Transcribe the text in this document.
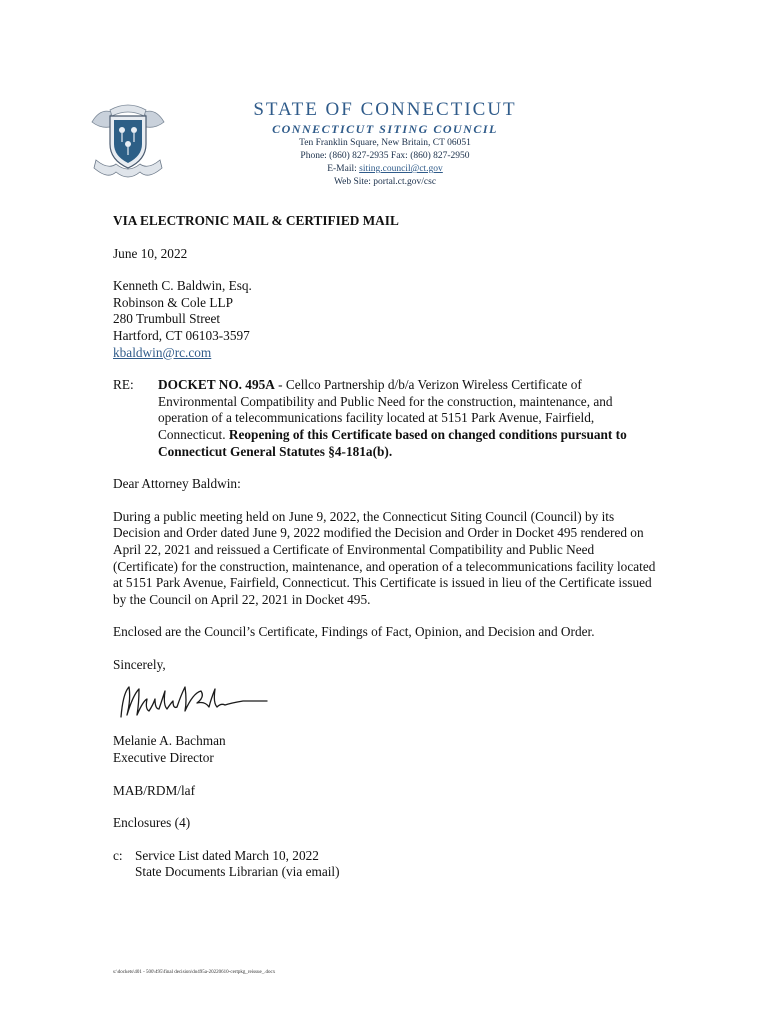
STATE OF CONNECTICUT
CONNECTICUT SITING COUNCIL
Ten Franklin Square, New Britain, CT 06051
Phone: (860) 827-2935 Fax: (860) 827-2950
E-Mail: siting.council@ct.gov
Web Site: portal.ct.gov/csc

VIA ELECTRONIC MAIL & CERTIFIED MAIL

June 10, 2022

Kenneth C. Baldwin, Esq.
Robinson & Cole LLP
280 Trumbull Street
Hartford, CT 06103-3597
kbaldwin@rc.com
RE:	DOCKET NO. 495A - Cellco Partnership d/b/a Verizon Wireless Certificate of Environmental Compatibility and Public Need for the construction, maintenance, and operation of a telecommunications facility located at 5151 Park Avenue, Fairfield, Connecticut. Reopening of this Certificate based on changed conditions pursuant to Connecticut General Statutes §4-181a(b).

Dear Attorney Baldwin:

During a public meeting held on June 9, 2022, the Connecticut Siting Council (Council) by its Decision and Order dated June 9, 2022 modified the Decision and Order in Docket 495 rendered on April 22, 2021 and reissued a Certificate of Environmental Compatibility and Public Need (Certificate) for the construction, maintenance, and operation of a telecommunications facility located at 5151 Park Avenue, Fairfield, Connecticut. This Certificate is issued in lieu of the Certificate issued by the Council on April 22, 2021 in Docket 495.

Enclosed are the Council’s Certificate, Findings of Fact, Opinion, and Decision and Order.

Sincerely,

Melanie A. Bachman
Executive Director

MAB/RDM/laf

Enclosures (4)

c: Service List dated March 10, 2022
State Documents Librarian (via email)
s:\dockets\401 - 500\495\final decision\do495a-20220610-certpkg_reissue_.docx
